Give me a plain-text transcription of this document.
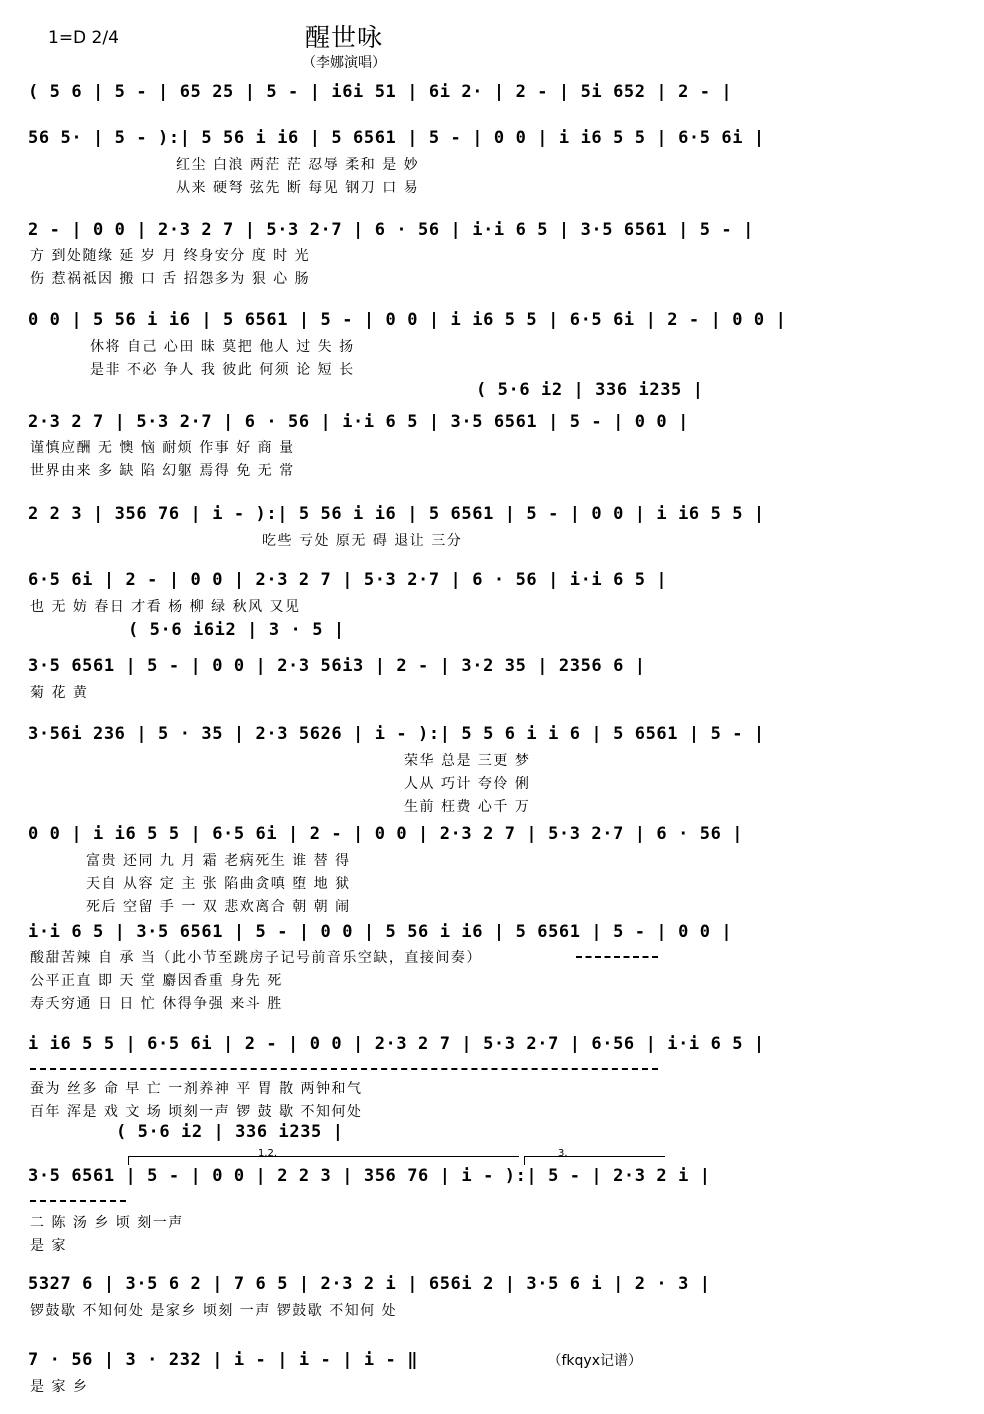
1=D 2/4	醒世咏
（李娜演唱）
( 5 6 | 5 - | 65 25 | 5 - | i6i 51 | 6i 2· | 2 - | 5i 652 | 2 - |
56 5· | 5 - ):| 5 56 i i6 | 5 6561 | 5 - | 0 0 | i i6 5 5 | 6·5 6i |
红尘 白浪 两茫 茫 忍辱 柔和 是 妙
从来 硬弩 弦先 断 每见 钢刀 口 易
2 - | 0 0 | 2·3 2 7 | 5·3 2·7 | 6 · 56 | i·i 6 5 | 3·5 6561 | 5 - |
方 到处随缘 延 岁 月 终身安分 度 时 光
伤 惹祸祗因 搬 口 舌 招怨多为 狠 心 肠
0 0 | 5 56 i i6 | 5 6561 | 5 - | 0 0 | i i6 5 5 | 6·5 6i | 2 - | 0 0 |
休将 自己 心田 昧 莫把 他人 过 失 扬
是非 不必 争人 我 彼此 何须 论 短 长
( 5·6 i2 | 336 i235 |
2·3 2 7 | 5·3 2·7 | 6 · 56 | i·i 6 5 | 3·5 6561 | 5 - | 0 0 |
谨慎应酬 无 懊 恼 耐烦 作事 好 商 量
世界由来 多 缺 陷 幻躯 焉得 免 无 常
2 2 3 | 356 76 | i - ):| 5 56 i i6 | 5 6561 | 5 - | 0 0 | i i6 5 5 |
吃些 亏处 原无 碍 退让 三分
6·5 6i | 2 - | 0 0 | 2·3 2 7 | 5·3 2·7 | 6 · 56 | i·i 6 5 |
也 无 妨 春日 才看 杨 柳 绿 秋风 又见
( 5·6 i6i2 | 3 · 5 |
3·5 6561 | 5 - | 0 0 | 2·3 56i3 | 2 - | 3·2 35 | 2356 6 |
菊 花 黄
3·56i 236 | 5 · 35 | 2·3 5626 | i - ):| 5 5 6 i i 6 | 5 6561 | 5 - |
荣华 总是 三更 梦
人从 巧计 夸伶 俐
生前 枉费 心千 万
0 0 | i i6 5 5 | 6·5 6i | 2 - | 0 0 | 2·3 2 7 | 5·3 2·7 | 6 · 56 |
富贵 还同 九 月 霜 老病死生 谁 替 得
天自 从容 定 主 张 陷曲贪嗔 堕 地 狱
死后 空留 手 一 双 悲欢离合 朝 朝 闹
i·i 6 5 | 3·5 6561 | 5 - | 0 0 | 5 56 i i6 | 5 6561 | 5 - | 0 0 |
酸甜苦辣 自 承 当（此小节至跳房子记号前音乐空缺，直接间奏）
公平正直 即 天 堂 麝因香重 身先 死
寿夭穷通 日 日 忙 休得争强 来斗 胜
i i6 5 5 | 6·5 6i | 2 - | 0 0 | 2·3 2 7 | 5·3 2·7 | 6·56 | i·i 6 5 |
蚕为 丝多 命 早 亡 一剂养神 平 胃 散 两钟和气
百年 浑是 戏 文 场 顷刻一声 锣 鼓 歇 不知何处
( 5·6 i2 | 336 i235 |
1.2.	3.
3·5 6561 | 5 - | 0 0 | 2 2 3 | 356 76 | i - ):| 5 - | 2·3 2 i |
二 陈 汤 乡 顷 刻一声
是 家
5327 6 | 3·5 6 2 | 7 6 5 | 2·3 2 i | 656i 2 | 3·5 6 i | 2 · 3 |
锣鼓歇 不知何处 是家乡 顷刻 一声 锣鼓歇 不知何 处
7 · 56 | 3 · 232 | i - | i - | i - ‖
是 家 乡
（fkqyx记谱）
